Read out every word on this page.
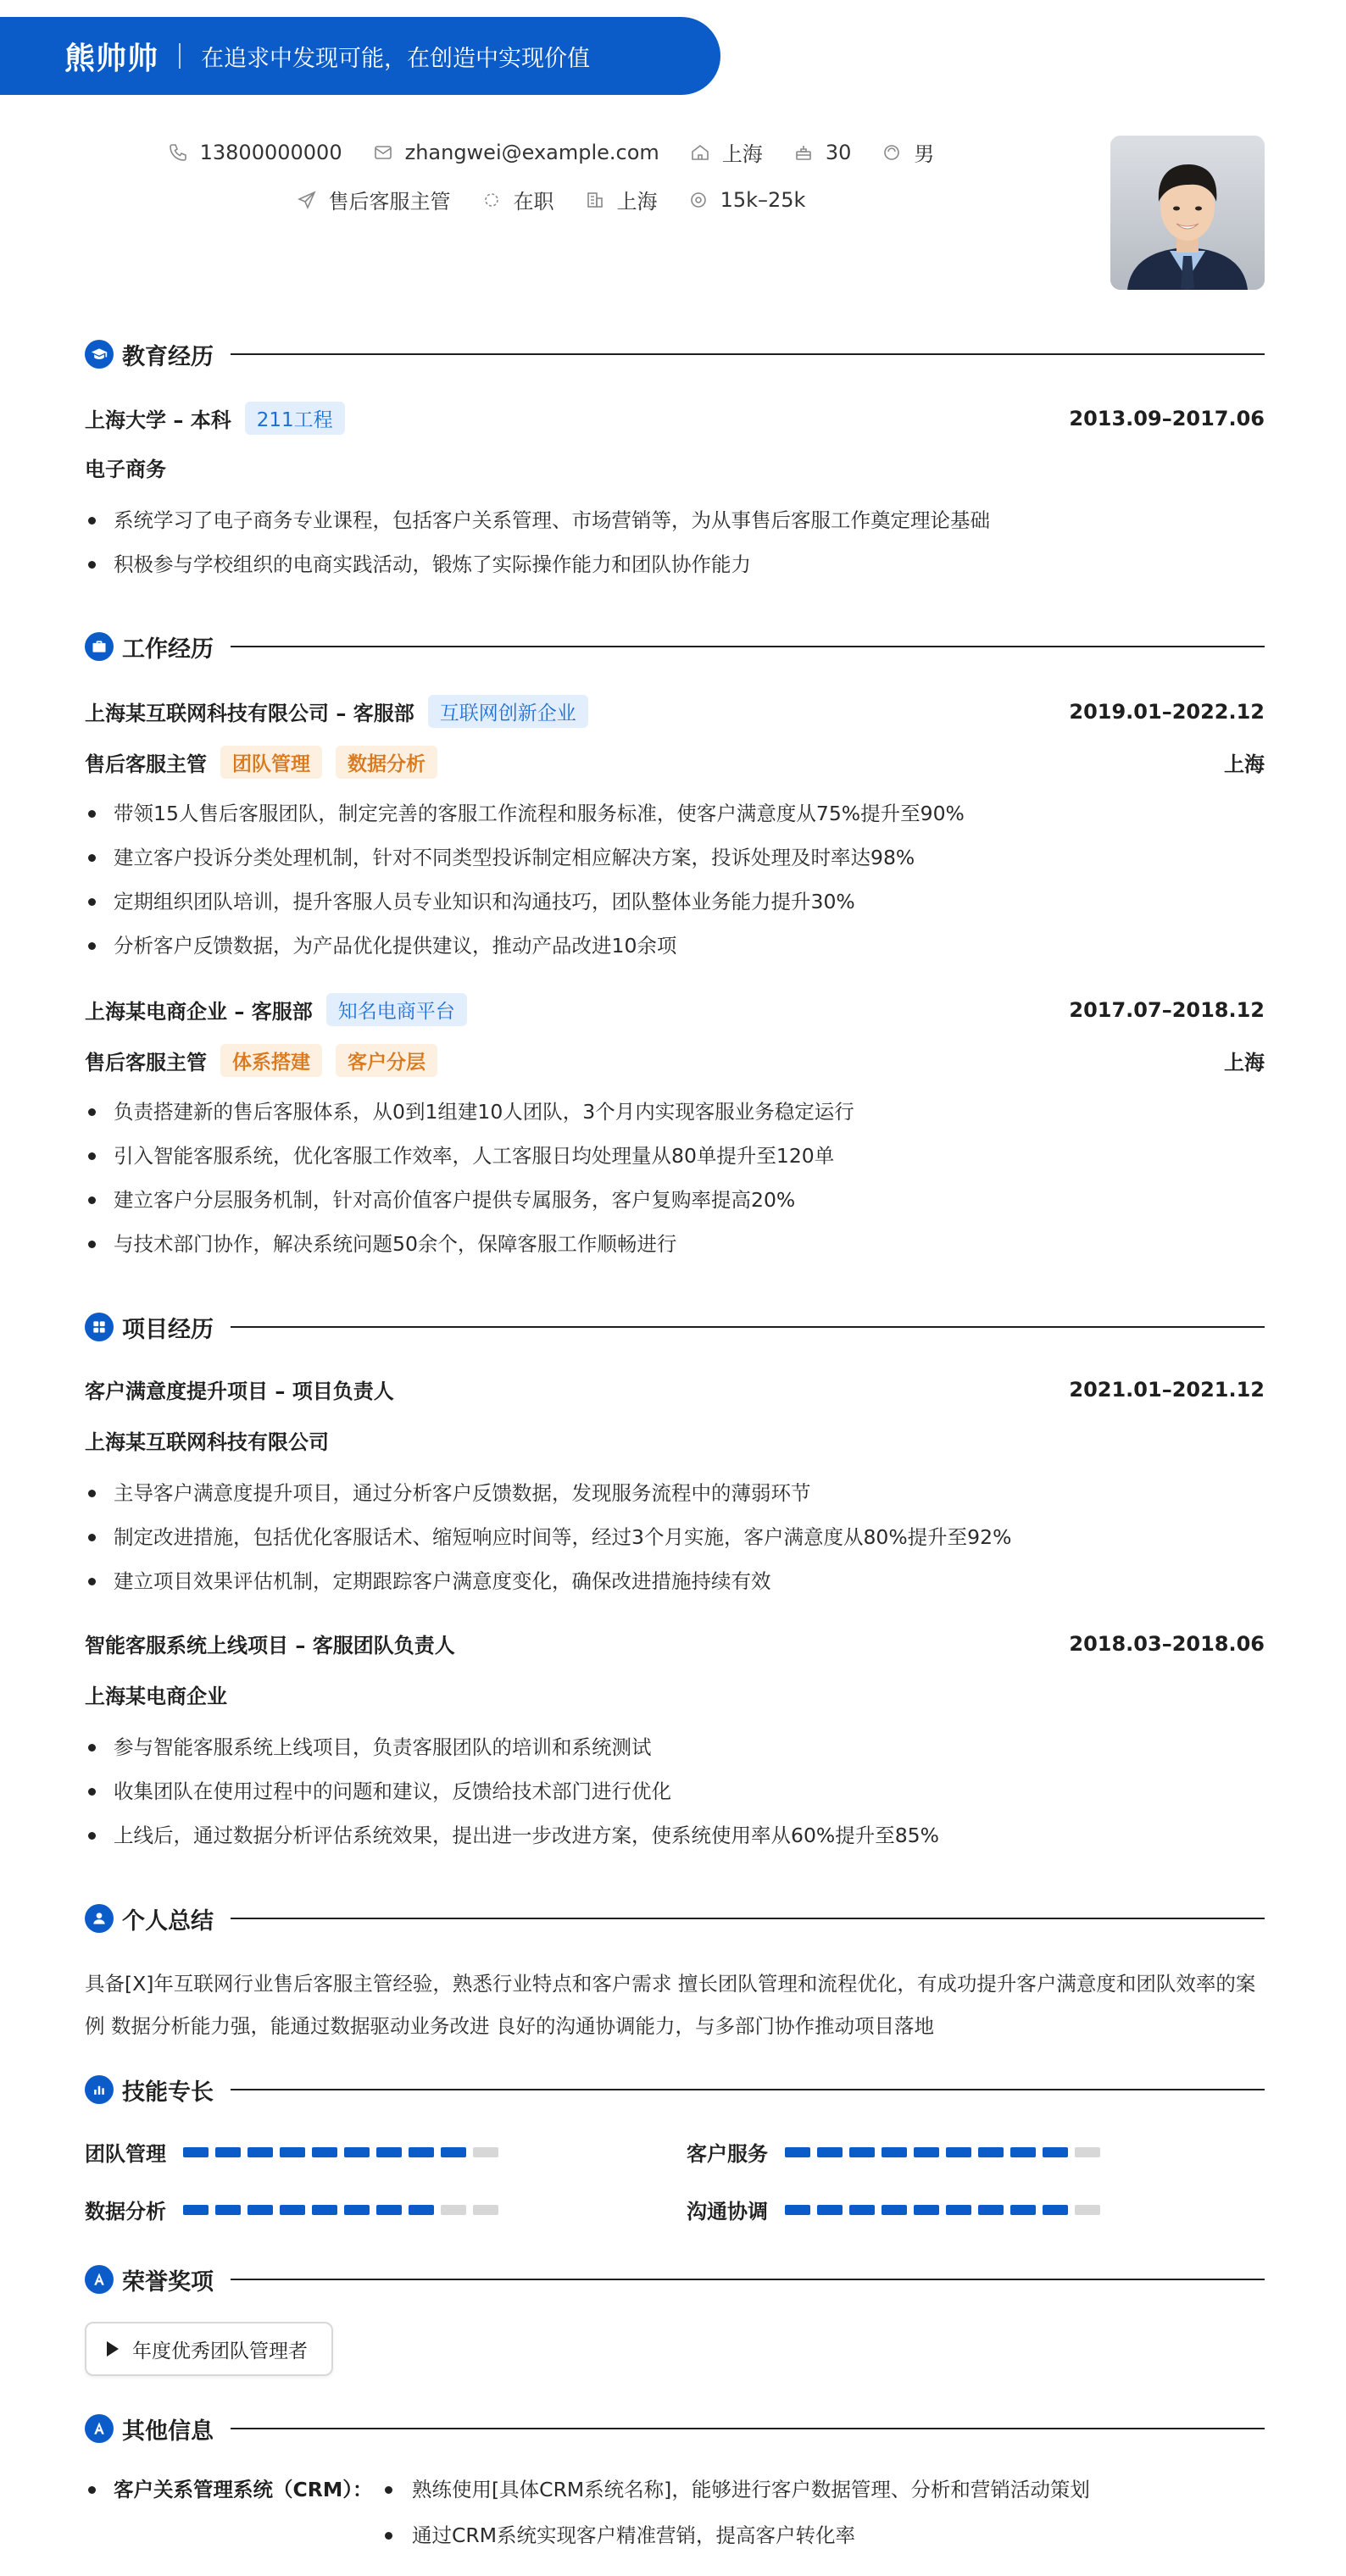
熊帅帅 在追求中发现可能，在创造中实现价值
13800000000	zhangwei@example.com	上海	30	男
售后客服主管	在职	上海	15k–25k
教育经历
上海大学 – 本科	211工程	2013.09–2017.06
电子商务
系统学习了电子商务专业课程，包括客户关系管理、市场营销等，为从事售后客服工作奠定理论基础
积极参与学校组织的电商实践活动，锻炼了实际操作能力和团队协作能力
工作经历
上海某互联网科技有限公司 – 客服部	互联网创新企业	2019.01–2022.12
售后客服主管	团队管理	数据分析	上海
带领15人售后客服团队，制定完善的客服工作流程和服务标准，使客户满意度从75%提升至90%
建立客户投诉分类处理机制，针对不同类型投诉制定相应解决方案，投诉处理及时率达98%
定期组织团队培训，提升客服人员专业知识和沟通技巧，团队整体业务能力提升30%
分析客户反馈数据，为产品优化提供建议，推动产品改进10余项
上海某电商企业 – 客服部	知名电商平台	2017.07–2018.12
售后客服主管	体系搭建	客户分层	上海
负责搭建新的售后客服体系，从0到1组建10人团队，3个月内实现客服业务稳定运行
引入智能客服系统，优化客服工作效率，人工客服日均处理量从80单提升至120单
建立客户分层服务机制，针对高价值客户提供专属服务，客户复购率提高20%
与技术部门协作，解决系统问题50余个，保障客服工作顺畅进行
项目经历
客户满意度提升项目 – 项目负责人	2021.01–2021.12
上海某互联网科技有限公司
主导客户满意度提升项目，通过分析客户反馈数据，发现服务流程中的薄弱环节
制定改进措施，包括优化客服话术、缩短响应时间等，经过3个月实施，客户满意度从80%提升至92%
建立项目效果评估机制，定期跟踪客户满意度变化，确保改进措施持续有效
智能客服系统上线项目 – 客服团队负责人	2018.03–2018.06
上海某电商企业
参与智能客服系统上线项目，负责客服团队的培训和系统测试
收集团队在使用过程中的问题和建议，反馈给技术部门进行优化
上线后，通过数据分析评估系统效果，提出进一步改进方案，使系统使用率从60%提升至85%
个人总结

具备[X]年互联网行业售后客服主管经验，熟悉行业特点和客户需求 擅长团队管理和流程优化，有成功提升客户满意度和团队效率的案例 数据分析能力强，能通过数据驱动业务改进 良好的沟通协调能力，与多部门协作推动项目落地

技能专长
团队管理	客户服务
数据分析	沟通协调
荣誉奖项
年度优秀团队管理者
其他信息
客户关系管理系统（CRM）：	熟练使用[具体CRM系统名称]，能够进行客户数据管理、分析和营销活动策划
通过CRM系统实现客户精准营销，提高客户转化率
